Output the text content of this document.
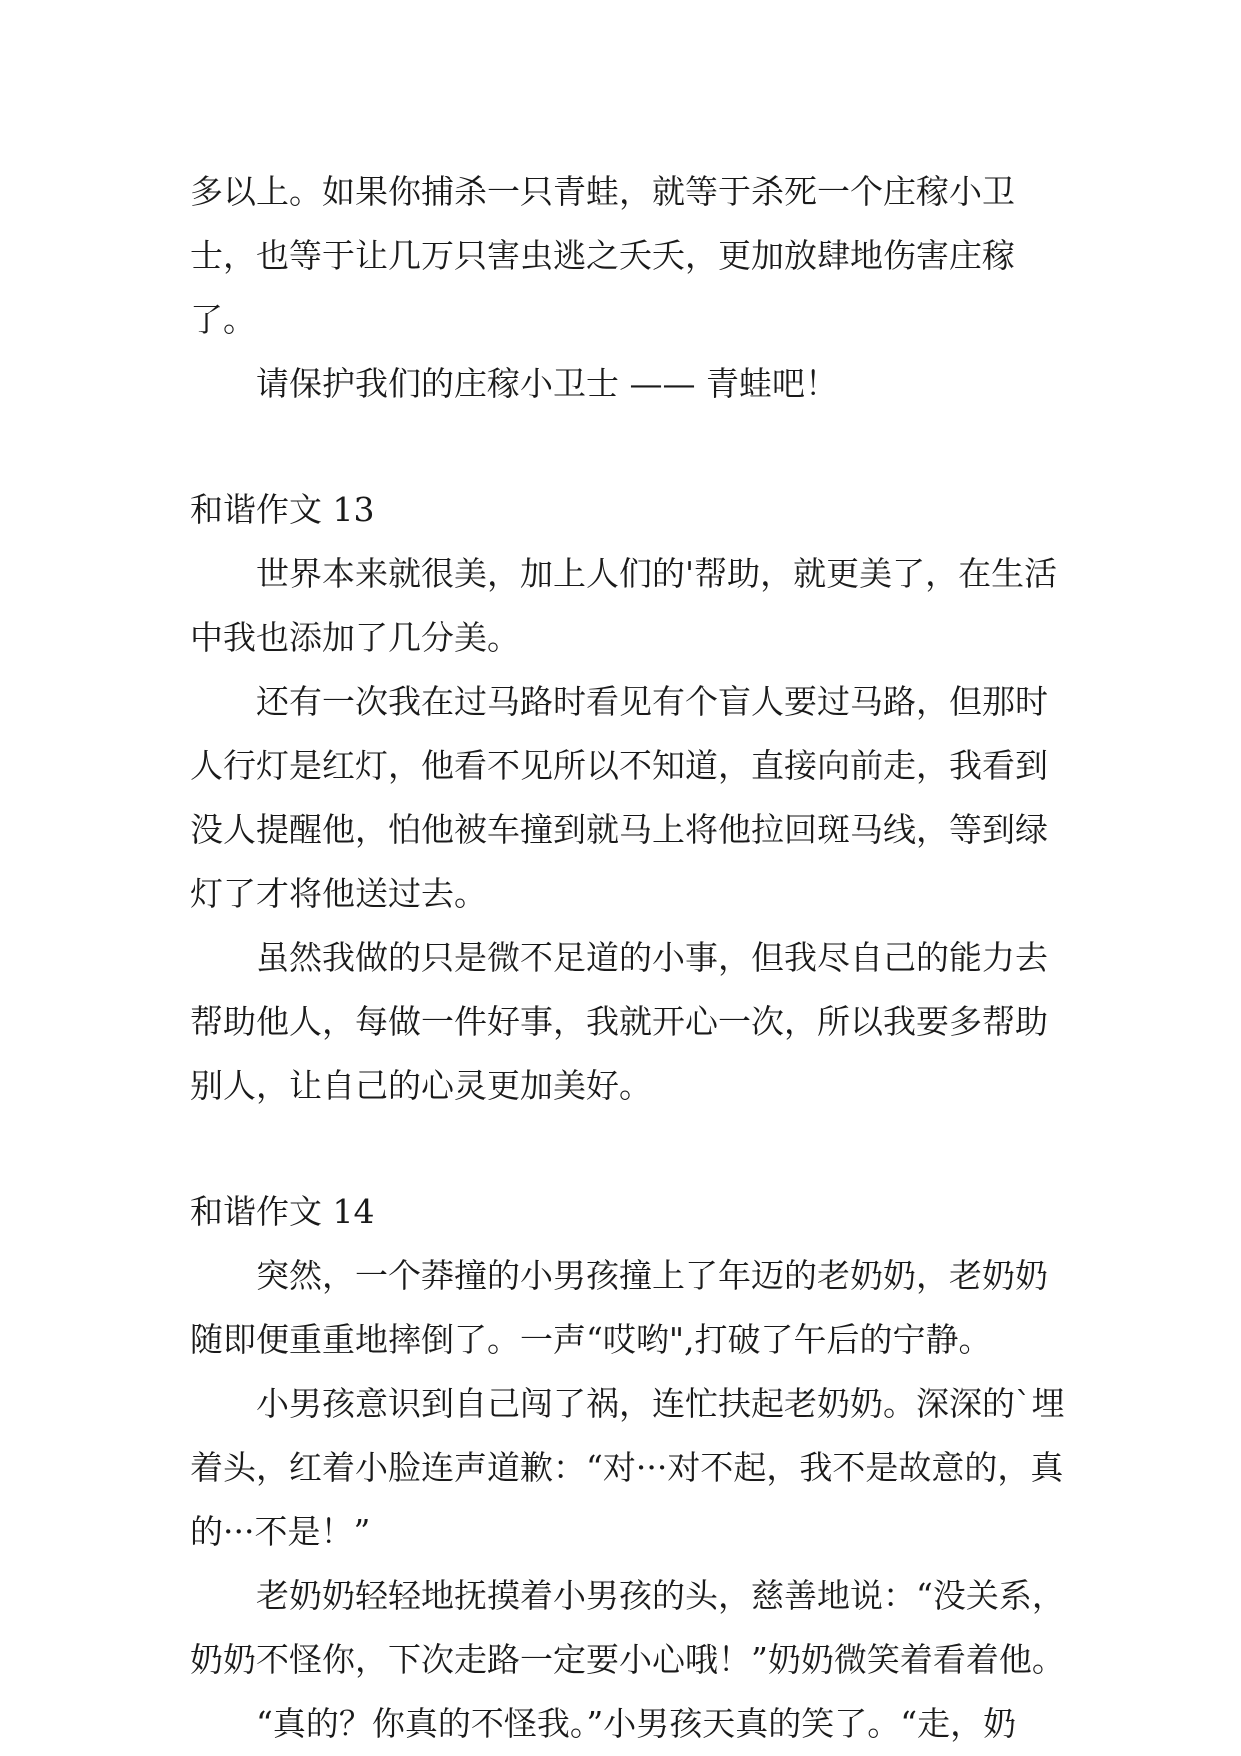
多以上。如果你捕杀一只青蛙，就等于杀死一个庄稼小卫士，也等于让几万只害虫逃之夭夭，更加放肆地伤害庄稼了。

请保护我们的庄稼小卫士 —— 青蛙吧！

和谐作文 13

世界本来就很美，加上人们的'帮助，就更美了，在生活中我也添加了几分美。

还有一次我在过马路时看见有个盲人要过马路，但那时人行灯是红灯，他看不见所以不知道，直接向前走，我看到没人提醒他，怕他被车撞到就马上将他拉回斑马线，等到绿灯了才将他送过去。

虽然我做的只是微不足道的小事，但我尽自己的能力去帮助他人，每做一件好事，我就开心一次，所以我要多帮助别人，让自己的心灵更加美好。

和谐作文 14

突然，一个莽撞的小男孩撞上了年迈的老奶奶，老奶奶随即便重重地摔倒了。一声“哎哟",打破了午后的宁静。

小男孩意识到自己闯了祸，连忙扶起老奶奶。深深的`埋着头，红着小脸连声道歉：“对···对不起，我不是故意的，真的···不是！”

老奶奶轻轻地抚摸着小男孩的头，慈善地说：“没关系，奶奶不怪你，下次走路一定要小心哦！”奶奶微笑着看着他。

“真的？你真的不怪我。”小男孩天真的笑了。“走，奶
